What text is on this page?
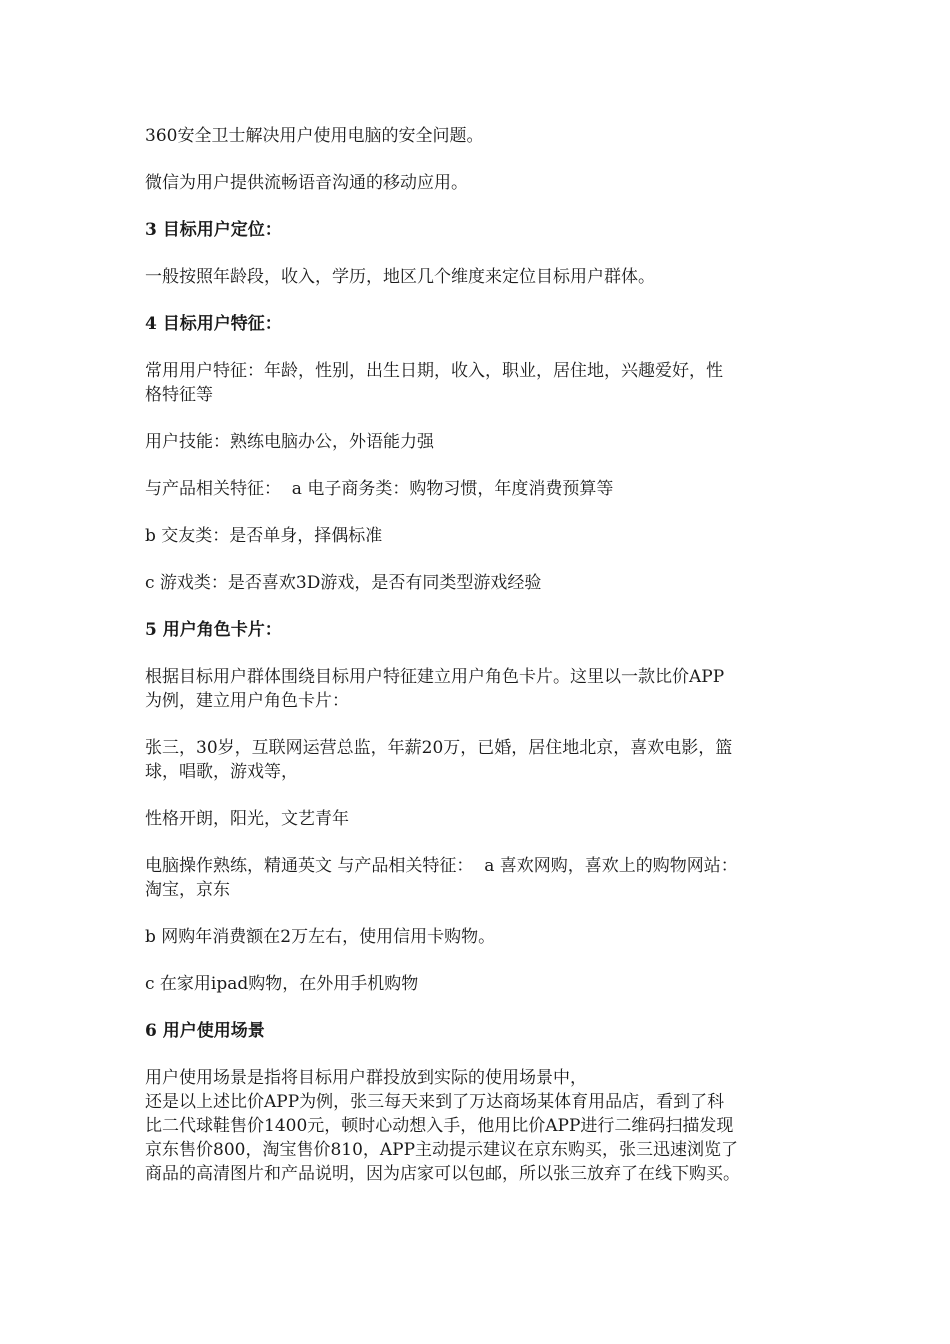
360安全卫士解决用户使用电脑的安全问题。
微信为用户提供流畅语音沟通的移动应用。
3 目标用户定位：
一般按照年龄段，收入，学历，地区几个维度来定位目标用户群体。
4 目标用户特征：
常用用户特征：年龄，性别，出生日期，收入，职业，居住地，兴趣爱好，性
格特征等
用户技能：熟练电脑办公，外语能力强
与产品相关特征：  a 电子商务类：购物习惯，年度消费预算等
b 交友类：是否单身，择偶标准
c 游戏类：是否喜欢3D游戏，是否有同类型游戏经验
5 用户角色卡片：
根据目标用户群体围绕目标用户特征建立用户角色卡片。这里以一款比价APP
为例，建立用户角色卡片：
张三，30岁，互联网运营总监，年薪20万，已婚，居住地北京，喜欢电影，篮
球，唱歌，游戏等，
性格开朗，阳光，文艺青年
电脑操作熟练，精通英文 与产品相关特征：  a 喜欢网购，喜欢上的购物网站：
淘宝，京东
b 网购年消费额在2万左右，使用信用卡购物。
c 在家用ipad购物，在外用手机购物
6 用户使用场景
用户使用场景是指将目标用户群投放到实际的使用场景中，
还是以上述比价APP为例，张三每天来到了万达商场某体育用品店，看到了科
比二代球鞋售价1400元，顿时心动想入手，他用比价APP进行二维码扫描发现
京东售价800，淘宝售价810，APP主动提示建议在京东购买，张三迅速浏览了
商品的高清图片和产品说明，因为店家可以包邮，所以张三放弃了在线下购买。
